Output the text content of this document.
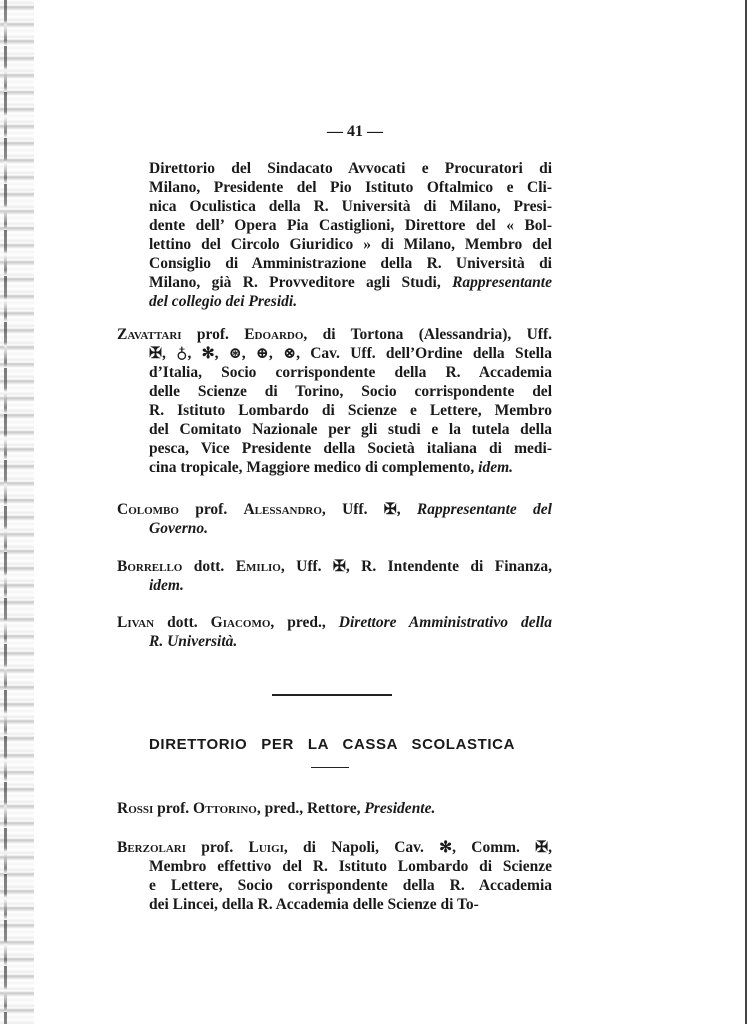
— 41 —
Direttorio del Sindacato Avvocati e Procuratori di
Milano, Presidente del Pio Istituto Oftalmico e Cli-
nica Oculistica della R. Università di Milano, Presi-
dente dell’ Opera Pia Castiglioni, Direttore del « Bol-
lettino del Circolo Giuridico » di Milano, Membro del
Consiglio di Amministrazione della R. Università di
Milano, già R. Provveditore agli Studi, Rappresentante
del collegio dei Presidi.
Zavattari prof. Edoardo, di Tortona (Alessandria), Uff.
✠, ♁, ✻, ⊛, ⊕, ⊗, Cav. Uff. dell’Ordine della Stella
d’Italia, Socio corrispondente della R. Accademia
delle Scienze di Torino, Socio corrispondente del
R. Istituto Lombardo di Scienze e Lettere, Membro
del Comitato Nazionale per gli studi e la tutela della
pesca, Vice Presidente della Società italiana di medi-
cina tropicale, Maggiore medico di complemento, idem.
Colombo prof. Alessandro, Uff. ✠, Rappresentante del
Governo.
Borrello dott. Emilio, Uff. ✠, R. Intendente di Finanza,
idem.
Livan dott. Giacomo, pred., Direttore Amministrativo della
R. Università.
DIRETTORIO PER LA CASSA SCOLASTICA
Rossi prof. Ottorino, pred., Rettore, Presidente.
Berzolari prof. Luigi, di Napoli, Cav. ✻, Comm. ✠,
Membro effettivo del R. Istituto Lombardo di Scienze
e Lettere, Socio corrispondente della R. Accademia
dei Lincei, della R. Accademia delle Scienze di To-
